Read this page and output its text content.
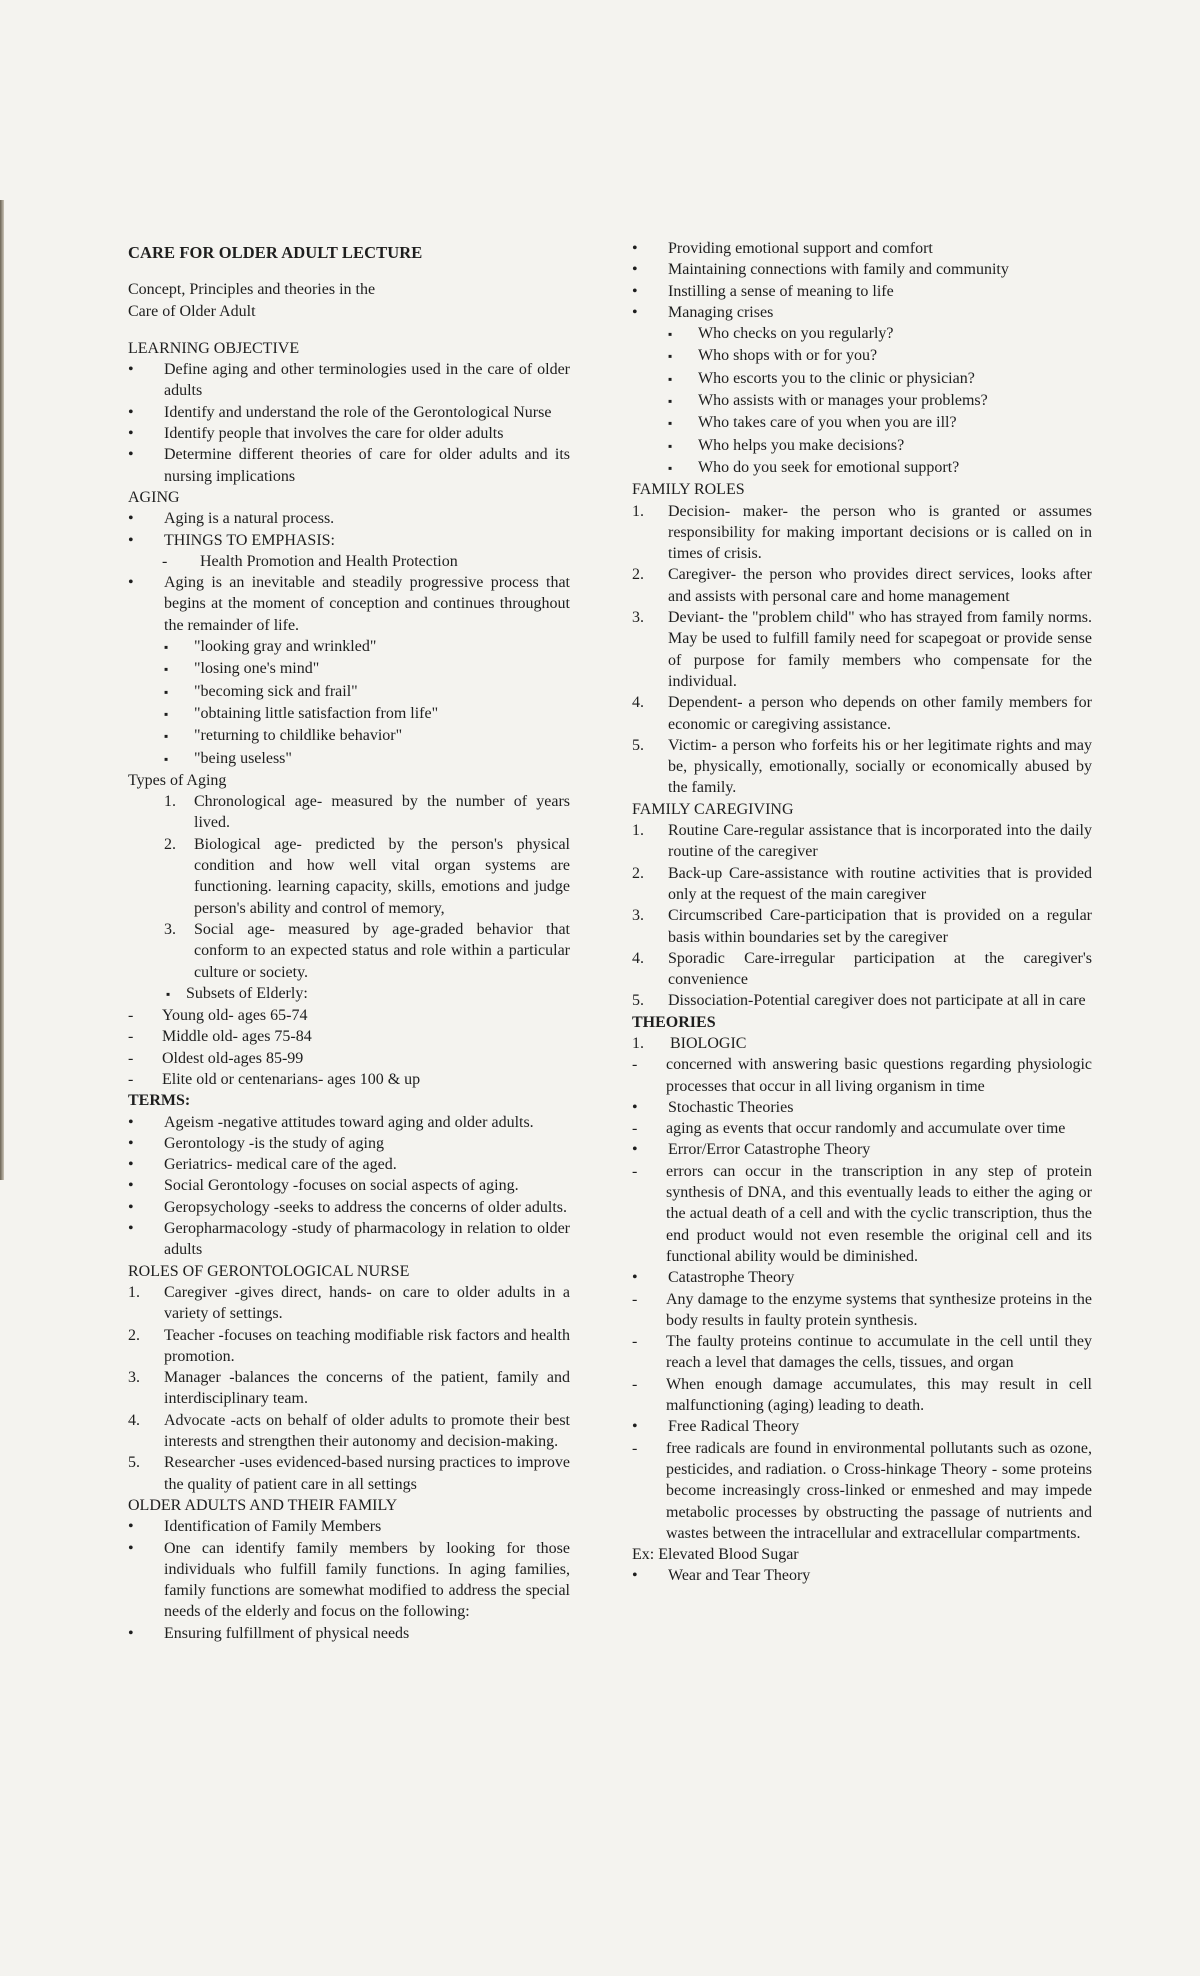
CARE FOR OLDER ADULT LECTURE

Concept, Principles and theories in the

Care of Older Adult

LEARNING OBJECTIVE

•
Define aging and other terminologies used in the care of older adults
•
Identify and understand the role of the Gerontological Nurse
•
Identify people that involves the care for older adults
•
Determine different theories of care for older adults and its nursing implications

AGING

•
Aging is a natural process.
•
THINGS TO EMPHASIS:
-
Health Promotion and Health Protection
•
Aging is an inevitable and steadily progressive process that begins at the moment of conception and continues throughout the remainder of life.
▪
"looking gray and wrinkled"
▪
"losing one's mind"
▪
"becoming sick and frail"
▪
"obtaining little satisfaction from life"
▪
"returning to childlike behavior"
▪
"being useless"

Types of Aging

1.	Chronological age- measured by the number of years lived.
2.	Biological age- predicted by the person's physical condition and how well vital organ systems are functioning. learning capacity, skills, emotions and judge person's ability and control of memory,
3.	Social age- measured by age-graded behavior that conform to an expected status and role within a particular culture or society.
▪
Subsets of Elderly:
-
Young old- ages 65-74
-
Middle old- ages 75-84
-
Oldest old-ages 85-99
-
Elite old or centenarians- ages 100 & up

TERMS:

•
Ageism -negative attitudes toward aging and older adults.
•
Gerontology -is the study of aging
•
Geriatrics- medical care of the aged.
•
Social Gerontology -focuses on social aspects of aging.
•
Geropsychology -seeks to address the concerns of older adults.
•
Geropharmacology -study of pharmacology in relation to older adults

ROLES OF GERONTOLOGICAL NURSE

1.	Caregiver -gives direct, hands- on care to older adults in a variety of settings.
2.	Teacher -focuses on teaching modifiable risk factors and health promotion.
3.	Manager -balances the concerns of the patient, family and interdisciplinary team.
4.	Advocate -acts on behalf of older adults to promote their best interests and strengthen their autonomy and decision-making.
5.	Researcher -uses evidenced-based nursing practices to improve the quality of patient care in all settings

OLDER ADULTS AND THEIR FAMILY

•
Identification of Family Members
•
One can identify family members by looking for those individuals who fulfill family functions. In aging families, family functions are somewhat modified to address the special needs of the elderly and focus on the following:
•
Ensuring fulfillment of physical needs
•
Providing emotional support and comfort
•
Maintaining connections with family and community
•
Instilling a sense of meaning to life
•
Managing crises
▪
Who checks on you regularly?
▪
Who shops with or for you?
▪
Who escorts you to the clinic or physician?
▪
Who assists with or manages your problems?
▪
Who takes care of you when you are ill?
▪
Who helps you make decisions?
▪
Who do you seek for emotional support?

FAMILY ROLES

1.	Decision- maker- the person who is granted or assumes responsibility for making important decisions or is called on in times of crisis.
2.	Caregiver- the person who provides direct services, looks after and assists with personal care and home management
3.	Deviant- the "problem child" who has strayed from family norms. May be used to fulfill family need for scapegoat or provide sense of purpose for family members who compensate for the individual.
4.	Dependent- a person who depends on other family members for economic or caregiving assistance.
5.	Victim- a person who forfeits his or her legitimate rights and may be, physically, emotionally, socially or economically abused by the family.

FAMILY CAREGIVING

1.	Routine Care-regular assistance that is incorporated into the daily routine of the caregiver
2.	Back-up Care-assistance with routine activities that is provided only at the request of the main caregiver
3.	Circumscribed Care-participation that is provided on a regular basis within boundaries set by the caregiver
4.	Sporadic Care-irregular participation at the caregiver's convenience
5.	Dissociation-Potential caregiver does not participate at all in care

THEORIES

1.	BIOLOGIC
-
concerned with answering basic questions regarding physiologic processes that occur in all living organism in time
•
Stochastic Theories
-
aging as events that occur randomly and accumulate over time
•
Error/Error Catastrophe Theory
-
errors can occur in the transcription in any step of protein synthesis of DNA, and this eventually leads to either the aging or the actual death of a cell and with the cyclic transcription, thus the end product would not even resemble the original cell and its functional ability would be diminished.
•
Catastrophe Theory
-
Any damage to the enzyme systems that synthesize proteins in the body results in faulty protein synthesis.
-
The faulty proteins continue to accumulate in the cell until they reach a level that damages the cells, tissues, and organ
-
When enough damage accumulates, this may result in cell malfunctioning (aging) leading to death.
•
Free Radical Theory
-
free radicals are found in environmental pollutants such as ozone, pesticides, and radiation. o Cross-hinkage Theory - some proteins become increasingly cross-linked or enmeshed and may impede metabolic processes by obstructing the passage of nutrients and wastes between the intracellular and extracellular compartments.

Ex: Elevated Blood Sugar

•
Wear and Tear Theory
